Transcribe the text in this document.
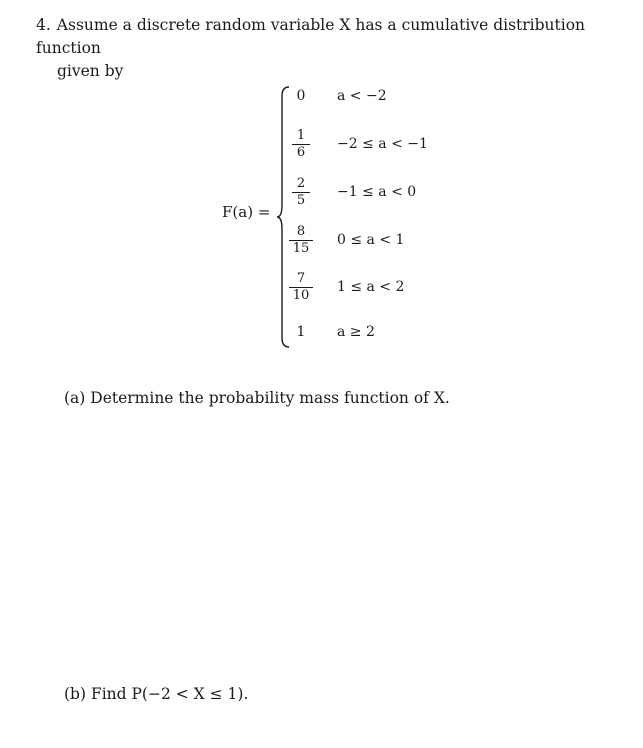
4. Assume a discrete random variable X has a cumulative distribution function
given by
F(a) =
0	a < −2
$\frac{1}{6} -2 \le a < -1$
$\frac{2}{5} -1 \le a < 0$
$\frac{8}{15} 0 \le a < 1$
$\frac{7}{10} 1 \le a < 2$
1	a ≥ 2
(a) Determine the probability mass function of X.
(b) Find P(−2 < X ≤ 1).
